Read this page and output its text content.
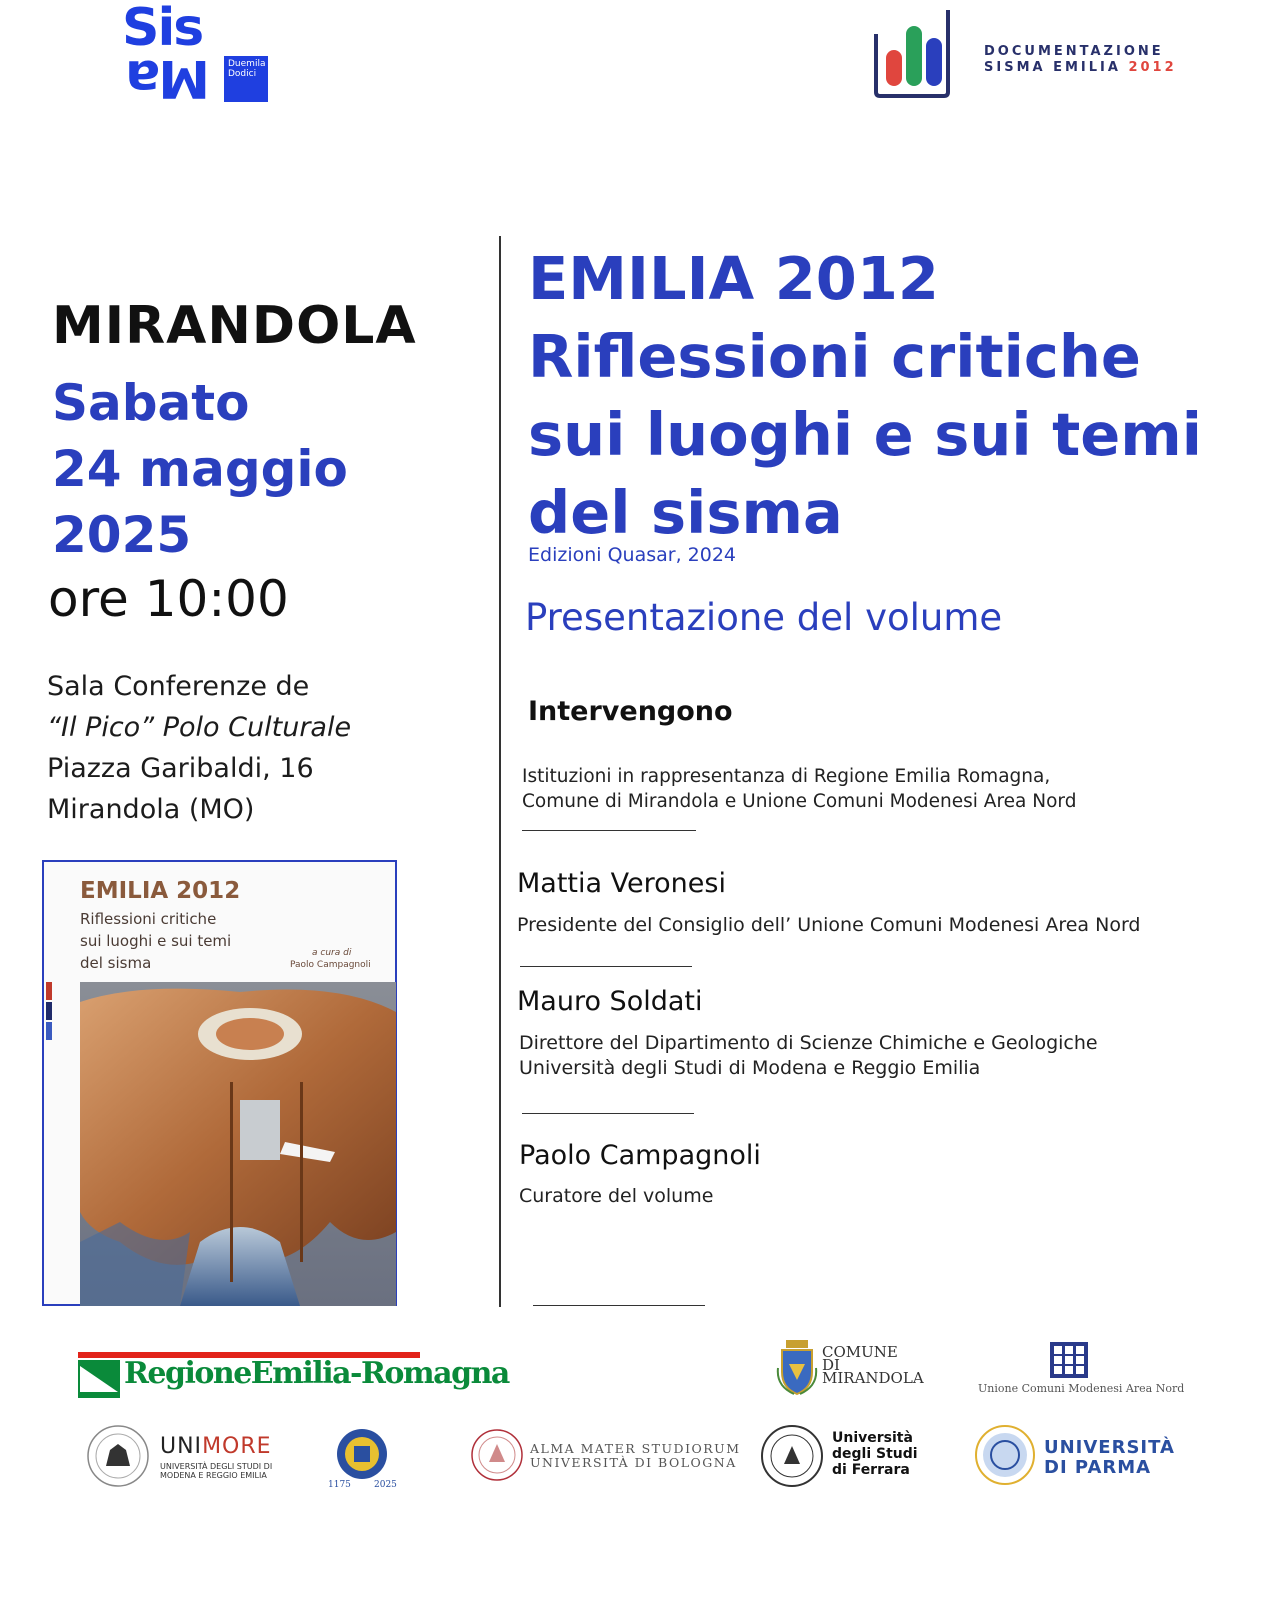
Sis
Ma Duemila
Dodici
DOCUMENTAZIONE
SISMA EMILIA 2012
MIRANDOLA
Sabato
24 maggio
2025
ore 10:00
Sala Conferenze de
“Il Pico” Polo Culturale
Piazza Garibaldi, 16
Mirandola (MO)
EMILIA 2012
Riflessioni critiche
sui luoghi e sui temi
del sisma
a cura di
Paolo Campagnoli
EMILIA 2012
Riflessioni critiche
sui luoghi e sui temi
del sisma
Edizioni Quasar, 2024
Presentazione del volume
Intervengono
Istituzioni in rappresentanza di Regione Emilia Romagna,
Comune di Mirandola e Unione Comuni Modenesi Area Nord
Mattia Veronesi
Presidente del Consiglio dell’ Unione Comuni Modenesi Area Nord
Mauro Soldati
Direttore del Dipartimento di Scienze Chimiche e Geologiche
Università degli Studi di Modena e Reggio Emilia
Paolo Campagnoli
Curatore del volume
RegioneEmilia-Romagna
COMUNE
DI
MIRANDOLA
Unione Comuni Modenesi Area Nord
UNIMORE
UNIVERSITÀ DEGLI STUDI DI
MODENA E REGGIO EMILIA
1175	2025
ALMA MATER STUDIORUM
UNIVERSITÀ DI BOLOGNA
Università
degli Studi
di Ferrara
UNIVERSITÀ
DI PARMA
